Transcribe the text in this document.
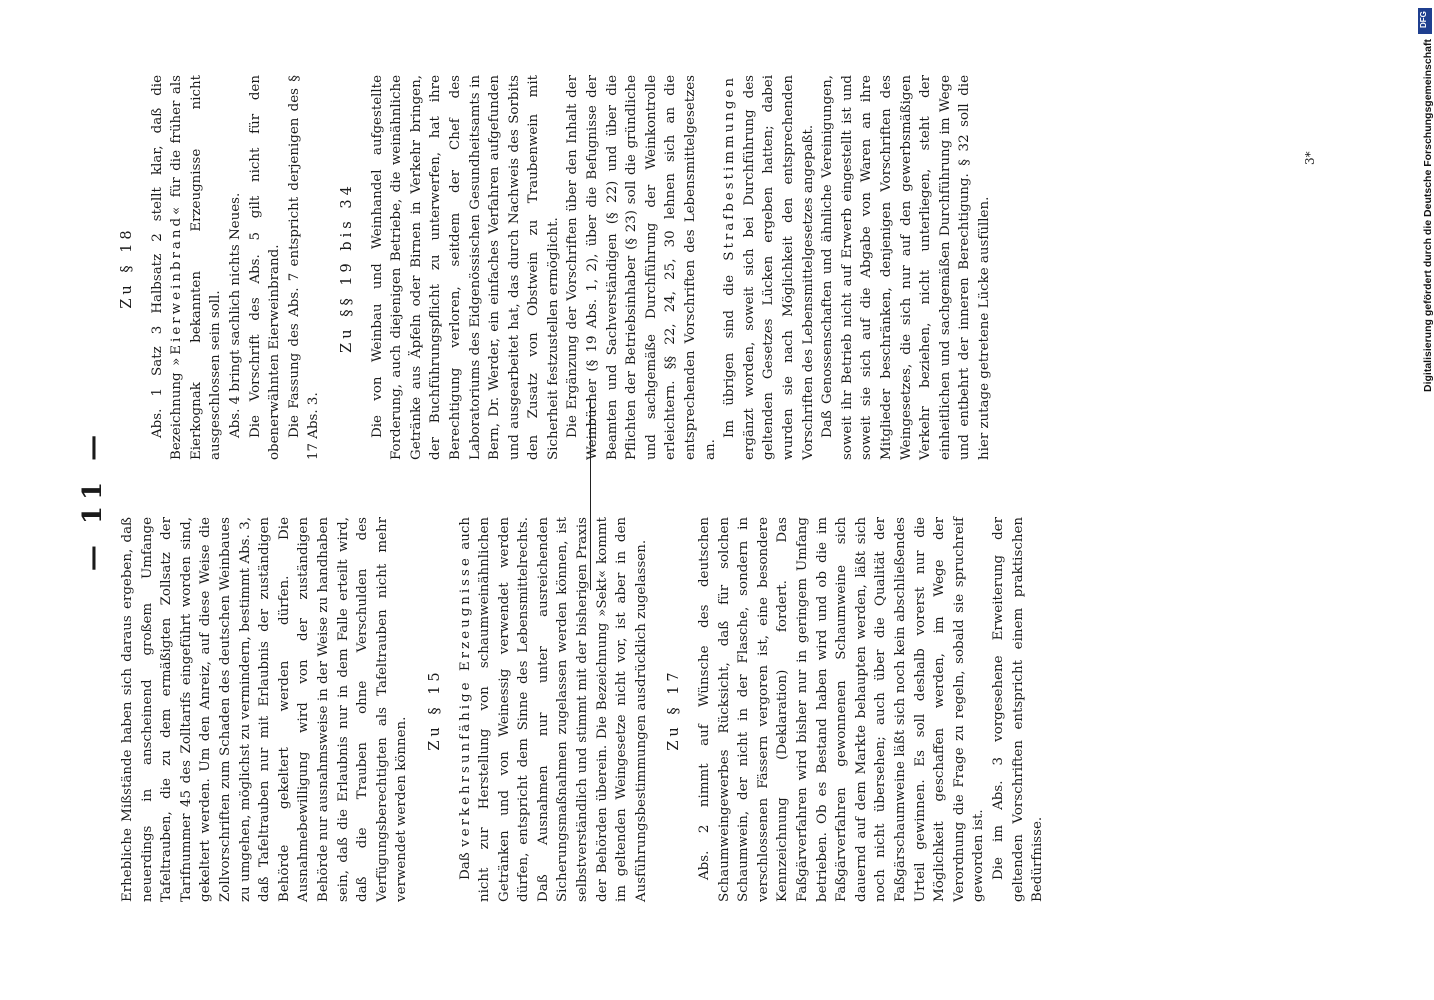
— 11 —

Erhebliche Mißstände haben sich daraus ergeben, daß neuerdings in anscheinend großem Umfange Tafeltrauben, die zu dem ermäßigten Zollsatz der Tarifnummer 45 des Zolltarifs eingeführt worden sind, gekeltert werden. Um den Anreiz, auf diese Weise die Zollvorschriften zum Schaden des deutschen Weinbaues zu umgehen, möglichst zu vermindern, bestimmt Abs. 3, daß Tafeltrauben nur mit Erlaubnis der zuständigen Behörde gekeltert werden dürfen. Die Ausnahmebewilligung wird von der zuständigen Behörde nur ausnahmsweise in der Weise zu handhaben sein, daß die Erlaubnis nur in dem Falle erteilt wird, daß die Trauben ohne Verschulden des Verfügungsberechtigten als Tafeltrauben nicht mehr verwendet werden können.

Zu § 15

Daß verkehrsunfähige Erzeugnisse auch nicht zur Herstellung von schaumweinähnlichen Getränken und von Weinessig verwendet werden dürfen, entspricht dem Sinne des Lebensmittelrechts. Daß Ausnahmen nur unter ausreichenden Sicherungsmaßnahmen zugelassen werden können, ist selbstverständlich und stimmt mit der bisherigen Praxis der Behörden überein. Die Bezeichnung »Sekt« kommt im geltenden Weingesetze nicht vor, ist aber in den Ausführungsbestimmungen ausdrücklich zugelassen. Zu § 17 Abs. 2 nimmt auf Wünsche des deutschen Schaumweingewerbes Rücksicht, daß für solchen Schaumwein, der nicht in der Flasche, sondern in verschlossenen Fässern vergoren ist, eine besondere Kennzeichnung (Deklaration) fordert. Das Faßgärverfahren wird bisher nur in geringem Umfang betrieben. Ob es Bestand haben wird und ob die im Faßgärverfahren gewonnenen Schaumweine sich dauernd auf dem Markte behaupten werden, läßt sich noch nicht übersehen; auch über die Qualität der Faßgärschaumweine läßt sich noch kein abschließendes Urteil gewinnen. Es soll deshalb vorerst nur die Möglichkeit geschaffen werden, im Wege der Verordnung die Frage zu regeln, sobald sie spruchreif geworden ist. Die im Abs. 3 vorgesehene Erweiterung der geltenden Vorschriften entspricht einem praktischen Bedürfnisse.

Zu § 18 Abs. 1 Satz 3 Halbsatz 2 stellt klar, daß die Bezeichnung »Eierweinbrand« für die früher als Eierkognak bekannten Erzeugnisse nicht ausgeschlossen sein soll. Abs. 4 bringt sachlich nichts Neues. Die Vorschrift des Abs. 5 gilt nicht für den obenerwähnten Eierweinbrand. Die Fassung des Abs. 7 entspricht derjenigen des § 17 Abs. 3.

Zu §§ 19 bis 34 Die von Weinbau und Weinhandel aufgestellte Forderung, auch diejenigen Betriebe, die weinähnliche Getränke aus Äpfeln oder Birnen in Verkehr bringen, der Buchführungspflicht zu unterwerfen, hat ihre Berechtigung verloren, seitdem der Chef des Laboratoriums des Eidgenössischen Gesundheitsamts in Bern, Dr. Werder, ein einfaches Verfahren aufgefunden und ausgearbeitet hat, das durch Nachweis des Sorbits den Zusatz von Obstwein zu Traubenwein mit Sicherheit festzustellen ermöglicht. Die Ergänzung der Vorschriften über den Inhalt der Weinbücher (§ 19 Abs. 1, 2), über die Befugnisse der Beamten und Sachverständigen (§ 22) und über die Pflichten der Betriebsinhaber (§ 23) soll die gründliche und sachgemäße Durchführung der Weinkontrolle erleichtern. §§ 22, 24, 25, 30 lehnen sich an die entsprechenden Vorschriften des Lebensmittelgesetzes an.

Im übrigen sind die Strafbestimmungen ergänzt worden, soweit sich bei Durchführung des geltenden Gesetzes Lücken ergeben hatten; dabei wurden sie nach Möglichkeit den entsprechenden Vorschriften des Lebensmittelgesetzes angepaßt. Daß Genossenschaften und ähnliche Vereinigungen, soweit ihr Betrieb nicht auf Erwerb eingestellt ist und soweit sie sich auf die Abgabe von Waren an ihre Mitglieder beschränken, denjenigen Vorschriften des Weingesetzes, die sich nur auf den gewerbsmäßigen Verkehr beziehen, nicht unterliegen, steht der einheitlichen und sachgemäßen Durchführung im Wege und entbehrt der inneren Berechtigung. § 32 soll die hier zutage getretene Lücke ausfüllen.

3*
DFG
Digitalisierung gefördert durch die Deutsche Forschungsgemeinschaft
